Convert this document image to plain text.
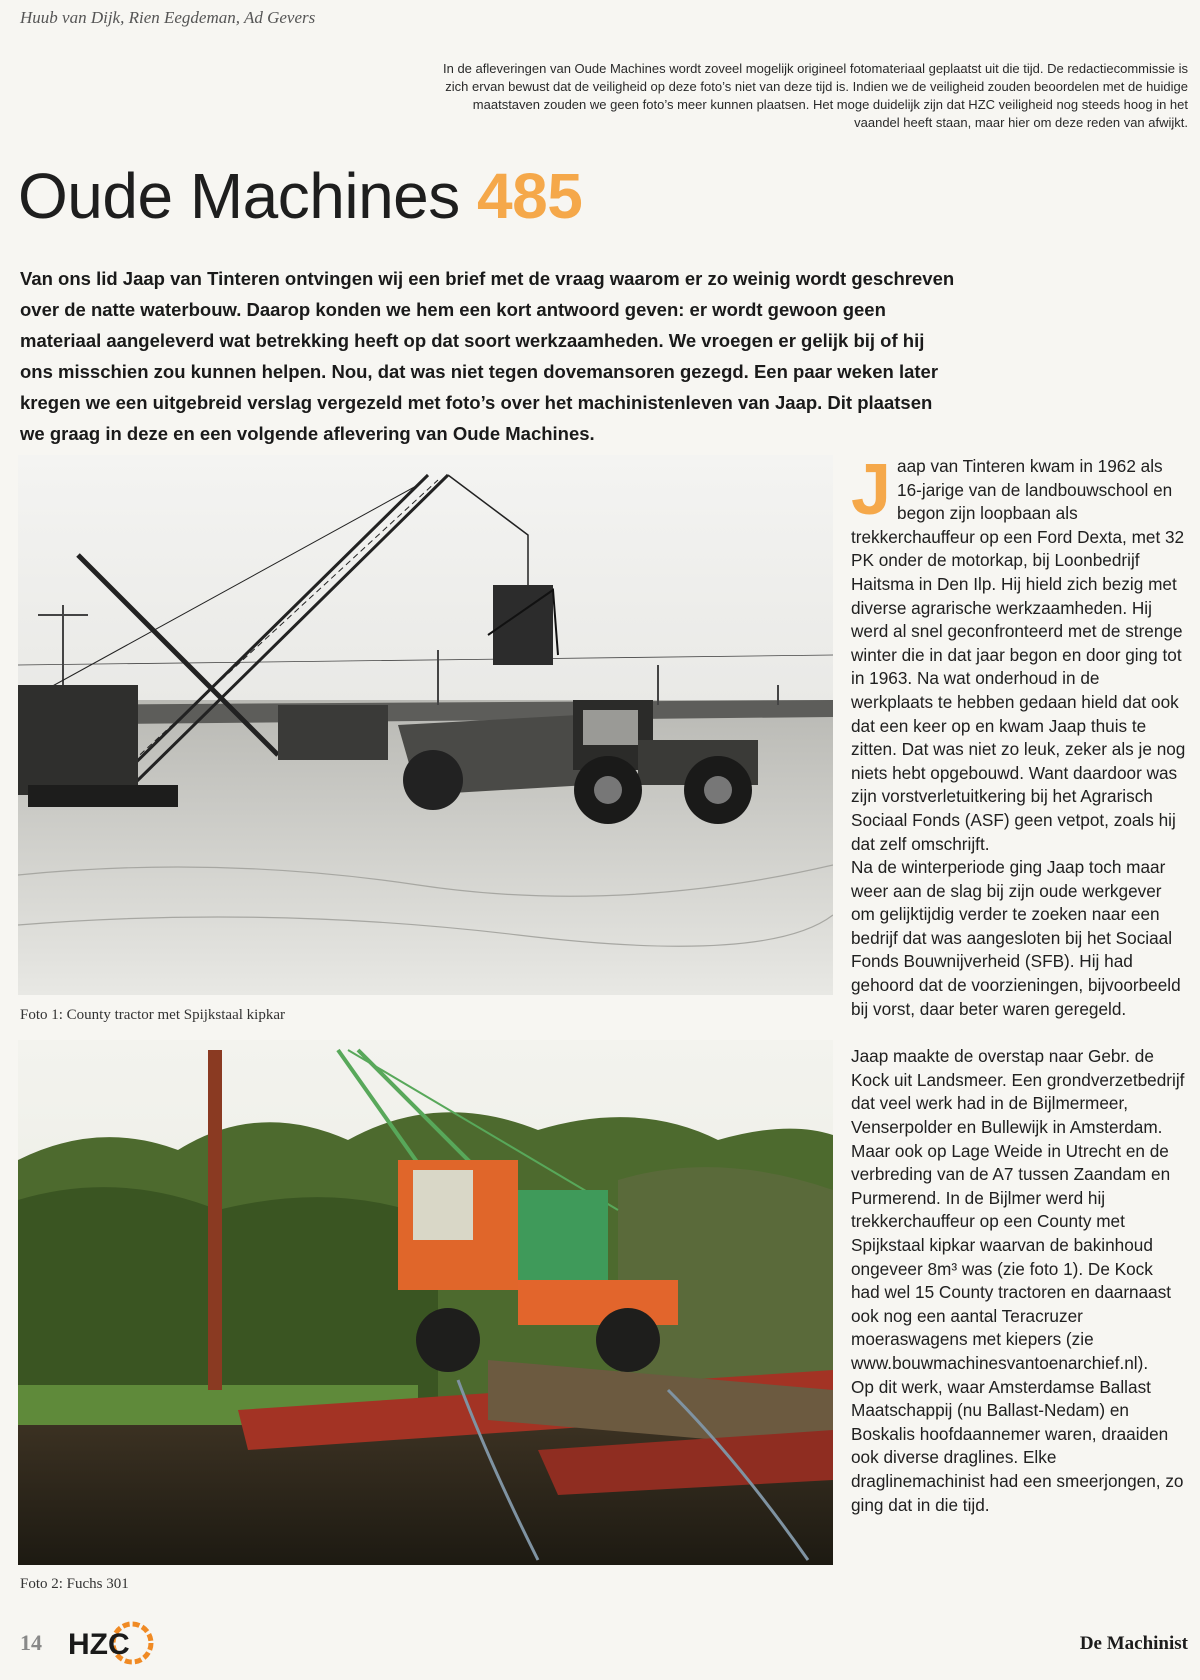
Huub van Dijk, Rien Eegdeman, Ad Gevers
In de afleveringen van Oude Machines wordt zoveel mogelijk origineel fotomateriaal geplaatst uit die tijd. De redactiecommissie is zich ervan bewust dat de veiligheid op deze foto’s niet van deze tijd is. Indien we de veiligheid zouden beoordelen met de huidige maatstaven zouden we geen foto’s meer kunnen plaatsen. Het moge duidelijk zijn dat HZC veiligheid nog steeds hoog in het vaandel heeft staan, maar hier om deze reden van afwijkt.
Oude Machines 485

Van ons lid Jaap van Tinteren ontvingen wij een brief met de vraag waarom er zo weinig wordt geschreven over de natte waterbouw. Daarop konden we hem een kort antwoord geven: er wordt gewoon geen materiaal aangeleverd wat betrekking heeft op dat soort werkzaamheden. We vroegen er gelijk bij of hij ons misschien zou kunnen helpen. Nou, dat was niet tegen dovemansoren gezegd. Een paar weken later kregen we een uitgebreid verslag vergezeld met foto’s over het machinistenleven van Jaap. Dit plaatsen we graag in deze en een volgende aflevering van Oude Machines.

Foto 1: County tractor met Spijkstaal kipkar
Foto 2: Fuchs 301

Jaap van Tinteren kwam in 1962 als 16-jarige van de landbouwschool en begon zijn loopbaan als trekkerchauffeur op een Ford Dexta, met 32 PK onder de motorkap, bij Loonbedrijf Haitsma in Den Ilp. Hij hield zich bezig met diverse agrarische werkzaamheden. Hij werd al snel geconfronteerd met de strenge winter die in dat jaar begon en door ging tot in 1963. Na wat onderhoud in de werkplaats te hebben gedaan hield dat ook dat een keer op en kwam Jaap thuis te zitten. Dat was niet zo leuk, zeker als je nog niets hebt opgebouwd. Want daardoor was zijn vorstverletuitkering bij het Agrarisch Sociaal Fonds (ASF) geen vetpot, zoals hij dat zelf omschrijft.

Na de winterperiode ging Jaap toch maar weer aan de slag bij zijn oude werkgever om gelijktijdig verder te zoeken naar een bedrijf dat was aangesloten bij het Sociaal Fonds Bouwnijverheid (SFB). Hij had gehoord dat de voorzieningen, bijvoorbeeld bij vorst, daar beter waren geregeld.

Jaap maakte de overstap naar Gebr. de Kock uit Landsmeer. Een grondverzetbedrijf dat veel werk had in de Bijlmermeer, Venserpolder en Bullewijk in Amsterdam. Maar ook op Lage Weide in Utrecht en de verbreding van de A7 tussen Zaandam en Purmerend. In de Bijlmer werd hij trekkerchauffeur op een County met Spijkstaal kipkar waarvan de bakinhoud ongeveer 8m³ was (zie foto 1). De Kock had wel 15 County tractoren en daarnaast ook nog een aantal Teracruzer moeraswagens met kiepers (zie www.bouwmachinesvantoenarchief.nl).

Op dit werk, waar Amsterdamse Ballast Maatschappij (nu Ballast-Nedam) en Boskalis hoofdaannemer waren, draaiden ook diverse draglines. Elke draglinemachinist had een smeerjongen, zo ging dat in die tijd.

14 HZC	De Machinist
